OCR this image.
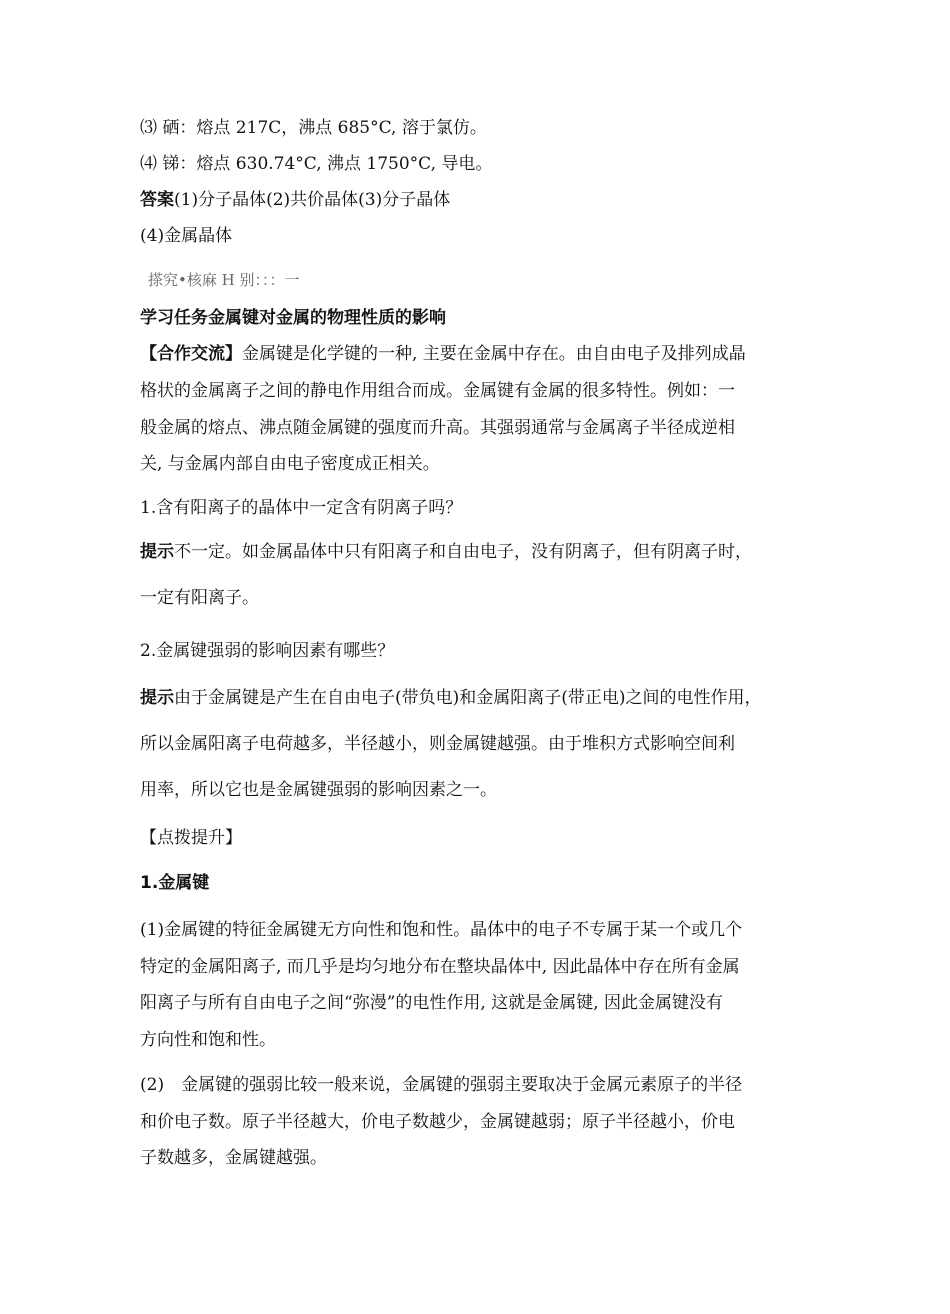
⑶ 硒：熔点 217C，沸点 685°C, 溶于氯仿。
⑷ 锑：熔点 630.74°C, 沸点 1750°C, 导电。
答案(1)分子晶体(2)共价晶体(3)分子晶体
(4)金属晶体
搽究•核麻 H 别：：：一
学习任务金属键对金属的物理性质的影响
【合作交流】金属键是化学键的一种, 主要在金属中存在。由自由电子及排列成晶
格状的金属离子之间的静电作用组合而成。金属键有金属的很多特性。例如：一
般金属的熔点、沸点随金属键的强度而升高。其强弱通常与金属离子半径成逆相
关, 与金属内部自由电子密度成正相关。
1.含有阳离子的晶体中一定含有阴离子吗？
提示不一定。如金属晶体中只有阳离子和自由电子，没有阴离子，但有阴离子时，
一定有阳离子。
2.金属键强弱的影响因素有哪些？
提示由于金属键是产生在自由电子(带负电)和金属阳离子(带正电)之间的电性作用，
所以金属阳离子电荷越多，半径越小，则金属键越强。由于堆积方式影响空间利
用率，所以它也是金属键强弱的影响因素之一。
【点拨提升】
1.金属键
(1)金属键的特征金属键无方向性和饱和性。晶体中的电子不专属于某一个或几个
特定的金属阳离子, 而几乎是均匀地分布在整块晶体中, 因此晶体中存在所有金属
阳离子与所有自由电子之间“弥漫”的电性作用, 这就是金属键, 因此金属键没有
方向性和饱和性。
(2)　金属键的强弱比较一般来说，金属键的强弱主要取决于金属元素原子的半径
和价电子数。原子半径越大，价电子数越少，金属键越弱；原子半径越小，价电
子数越多，金属键越强。
